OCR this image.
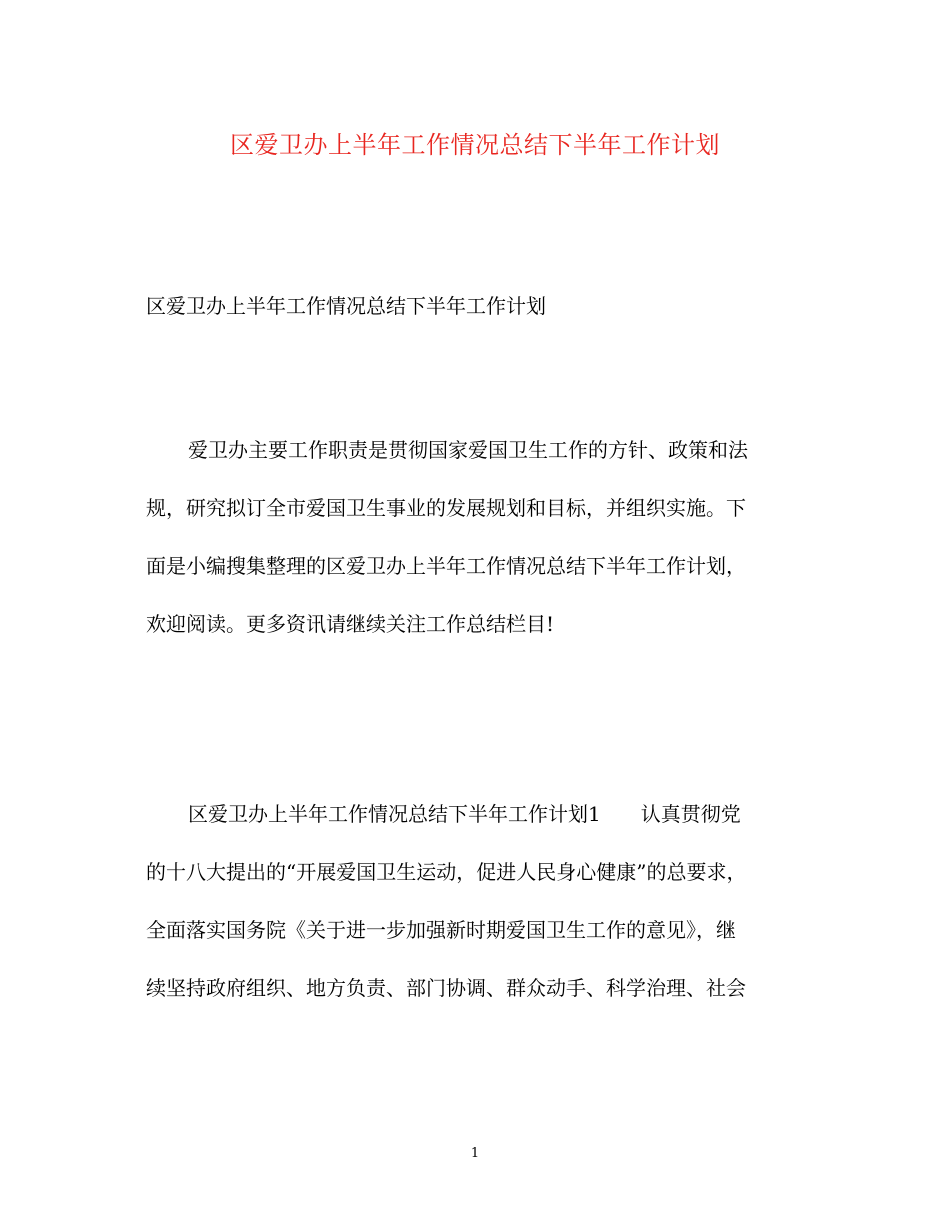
区爱卫办上半年工作情况总结下半年工作计划
区爱卫办上半年工作情况总结下半年工作计划
爱卫办主要工作职责是贯彻国家爱国卫生工作的方针、政策和法
规，研究拟订全市爱国卫生事业的发展规划和目标，并组织实施。下
面是小编搜集整理的区爱卫办上半年工作情况总结下半年工作计划，
欢迎阅读。更多资讯请继续关注工作总结栏目!
区爱卫办上半年工作情况总结下半年工作计划1　　认真贯彻党
的十八大提出的“开展爱国卫生运动，促进人民身心健康”的总要求，
全面落实国务院《关于进一步加强新时期爱国卫生工作的意见》，继
续坚持政府组织、地方负责、部门协调、群众动手、科学治理、社会
1
